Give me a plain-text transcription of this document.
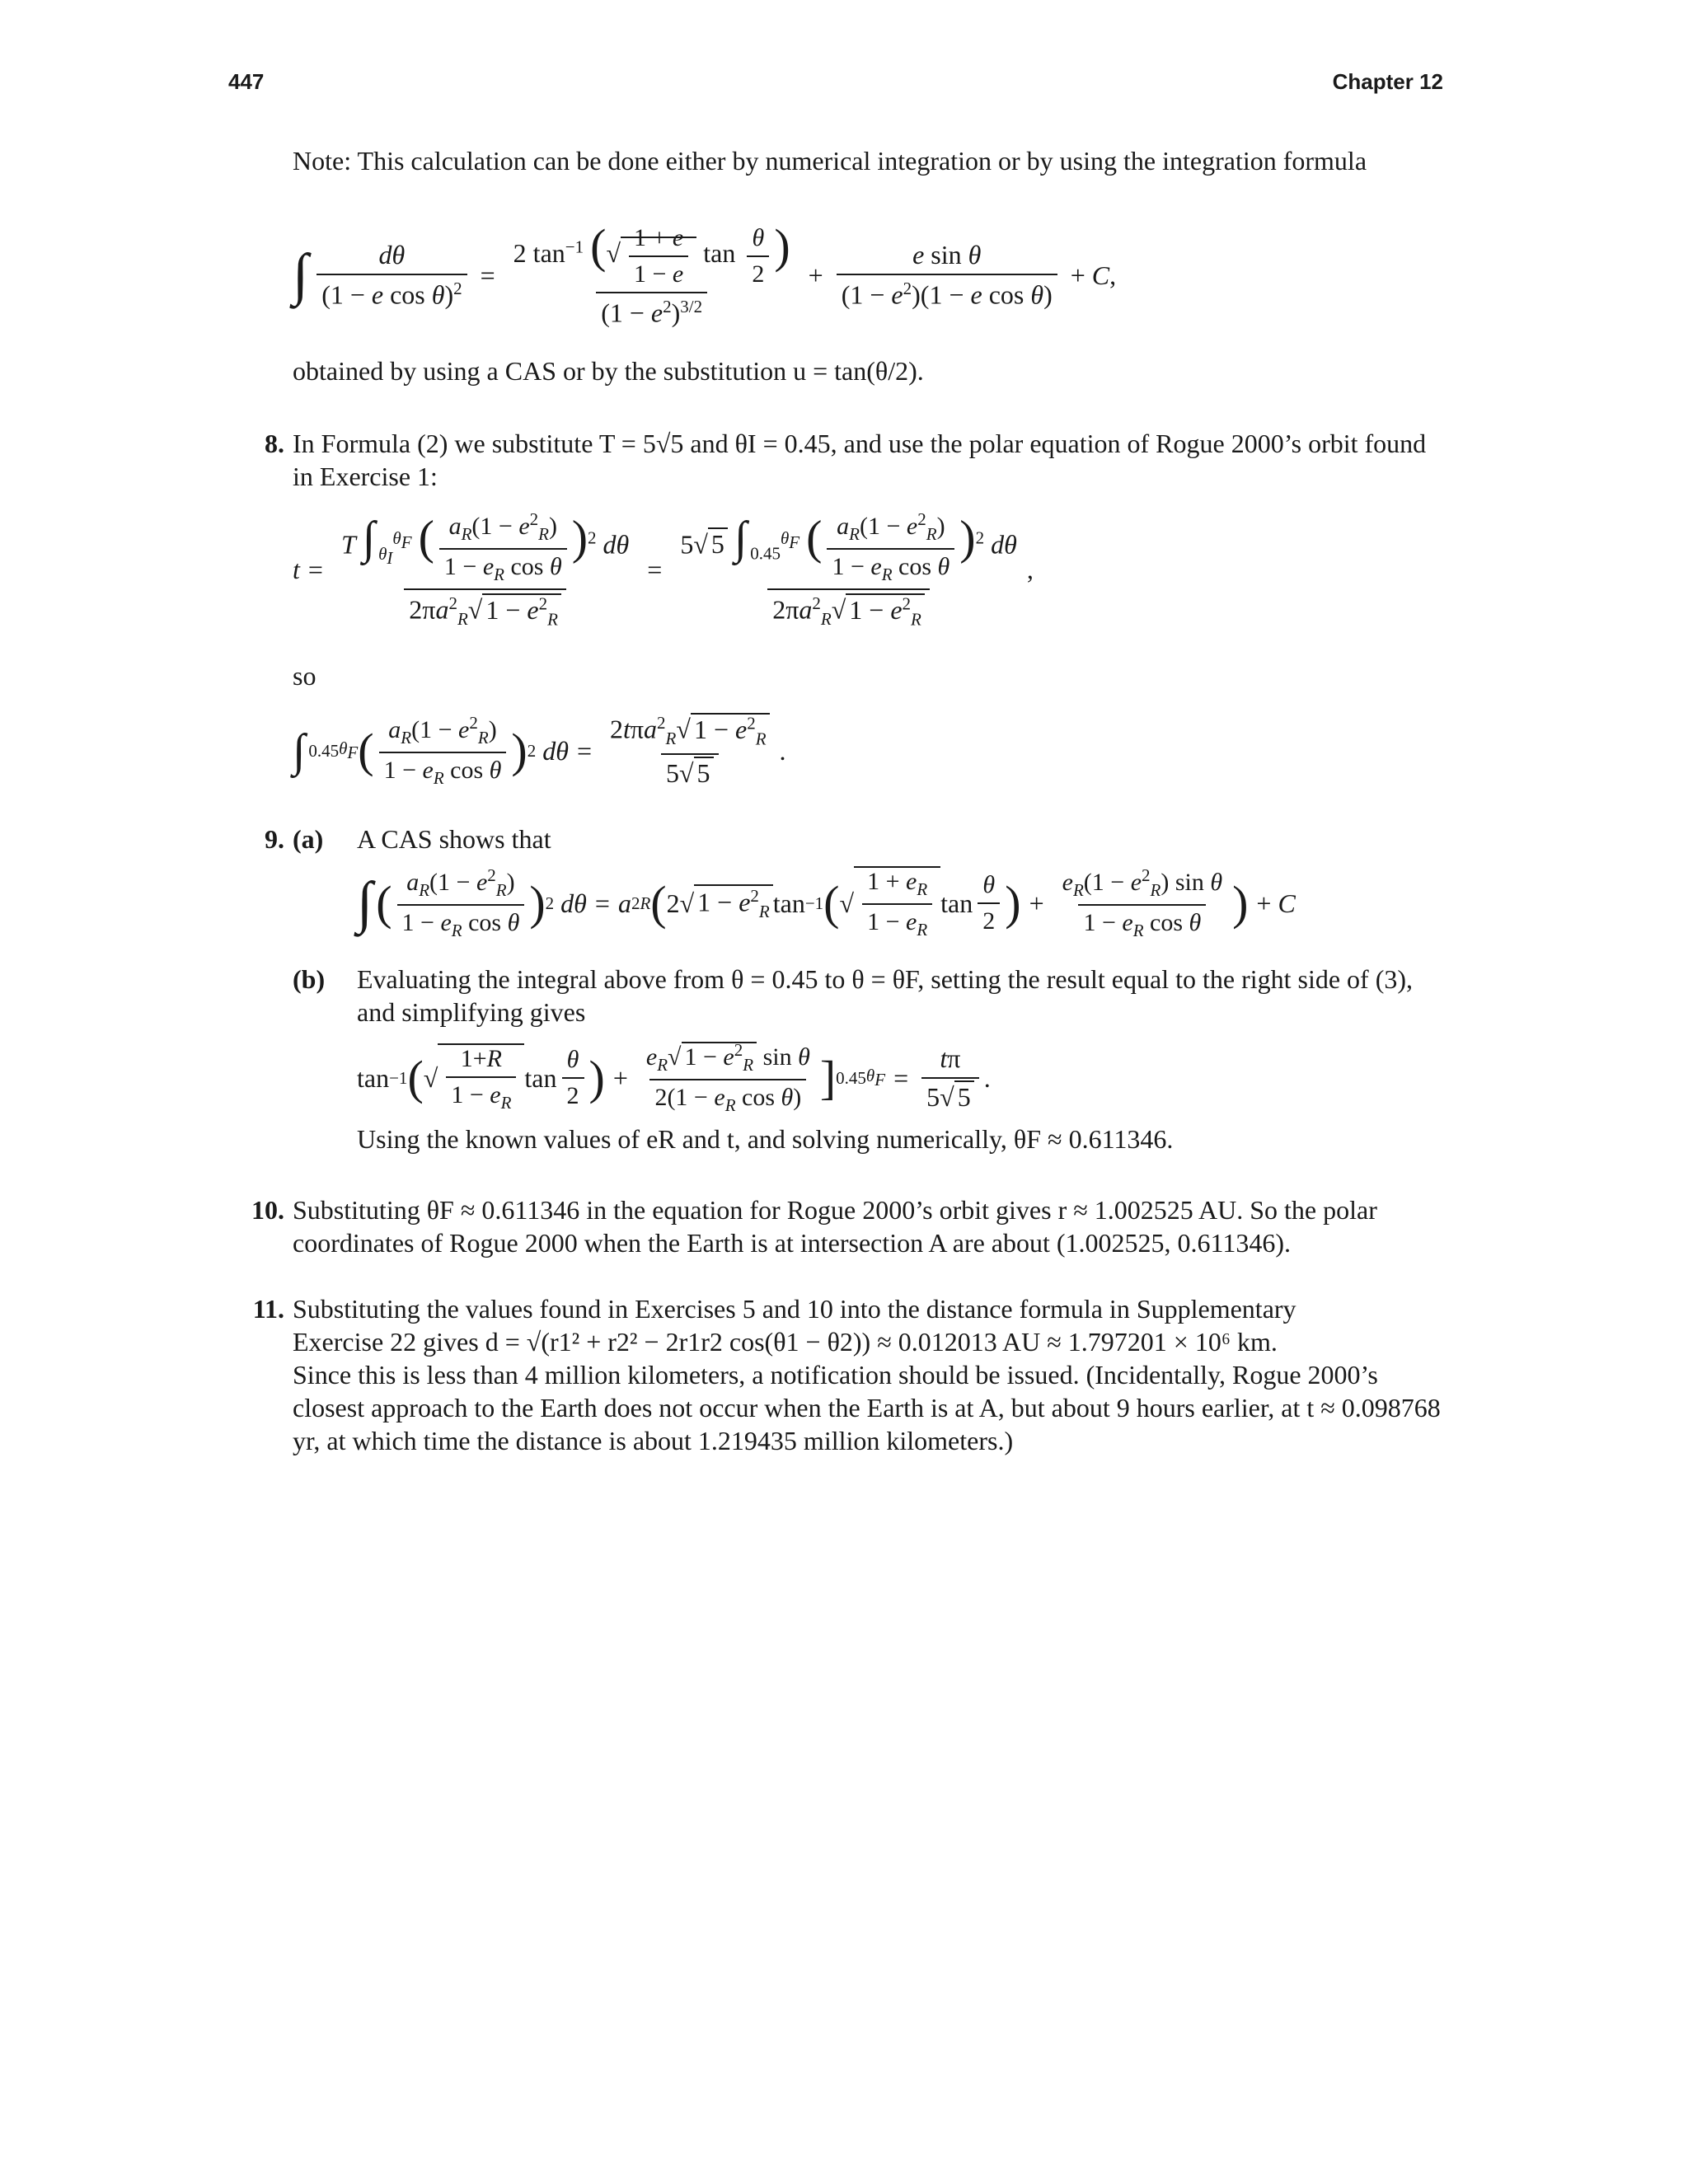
447	Chapter 12
Note: This calculation can be done either by numerical integration or by using the integration formula
∫ $\frac{d\theta}{(1 - e \cos \theta)^2} = \frac{2 \tan^{-1} (√ \frac{1 + e}{1 - e} \tan \frac{\theta}{2} )}{(1 - e^2)^{3/2}} + \frac{\text{e sin θ}}{(1 - e^2)(1 - e \cos \theta)} + C$,
obtained by using a CAS or by the substitution u = tan(θ/2).
8. In Formula (2) we substitute T = 5√5 and θI = 0.45, and use the polar equation of Rogue 2000’s orbit found in Exercise 1:
$t = \frac{T \int _{\theta_I}^{\theta_F} ( \frac{a_R(1 - e^2_R)}{1 - e_R \cos \theta} )^2 d\theta}{2\pi a^2_R√ 1 - e^2_R} = \frac{5√ 5 \int _{0.45}^{\theta_F} ( \frac{a_R(1 - e^2_R)}{1 - e_R \cos \theta} )^2 d\theta}{2\pi a^2_R√ 1 - e^2_R}$ ,
so
∫ 0.45 $\theta_F$ ( $\frac{a_R(1 - e^2_R)}{1 - e_R \cos \theta}$ ) 2 $d\theta = \frac{2t\pi a^2_R√ 1 - e^2_R}{5√ 5}$ .
9. (a) A CAS shows that
∫ ( $\frac{a_R(1 - e^2_R)}{1 - e_R \cos \theta}$ ) 2 dθ = a 2 R ( 2√ $1 - e^2_R$ tan −1 ( √ $\frac{1 + e_R}{1 - e_R}$ $\tan \frac{\theta}{2}$ ) + $\frac{e_R(1 - e^2_R) \sin \theta}{1 - e_R \cos \theta}$ ) + C
(b) Evaluating the integral above from θ = 0.45 to θ = θF, setting the result equal to the right side of (3), and simplifying gives
tan −1 ( √ $\frac{1+R}{1 - e_R}$ $\tan \frac{\theta}{2}$ ) + $\frac{e_R√ 1 - e^2_R \sin \theta}{2(1 - e_R \cos \theta)}$ ] 0.45 $\theta_F = \frac{t\pi}{5√ 5}$ .
Using the known values of eR and t, and solving numerically, θF ≈ 0.611346.
10. Substituting θF ≈ 0.611346 in the equation for Rogue 2000’s orbit gives r ≈ 1.002525 AU. So the polar coordinates of Rogue 2000 when the Earth is at intersection A are about (1.002525, 0.611346).
11. Substituting the values found in Exercises 5 and 10 into the distance formula in Supplementary
Exercise 22 gives d = √(r1² + r2² − 2r1r2 cos(θ1 − θ2)) ≈ 0.012013 AU ≈ 1.797201 × 10⁶ km.
Since this is less than 4 million kilometers, a notification should be issued. (Incidentally, Rogue 2000’s closest approach to the Earth does not occur when the Earth is at A, but about 9 hours earlier, at t ≈ 0.098768 yr, at which time the distance is about 1.219435 million kilometers.)
